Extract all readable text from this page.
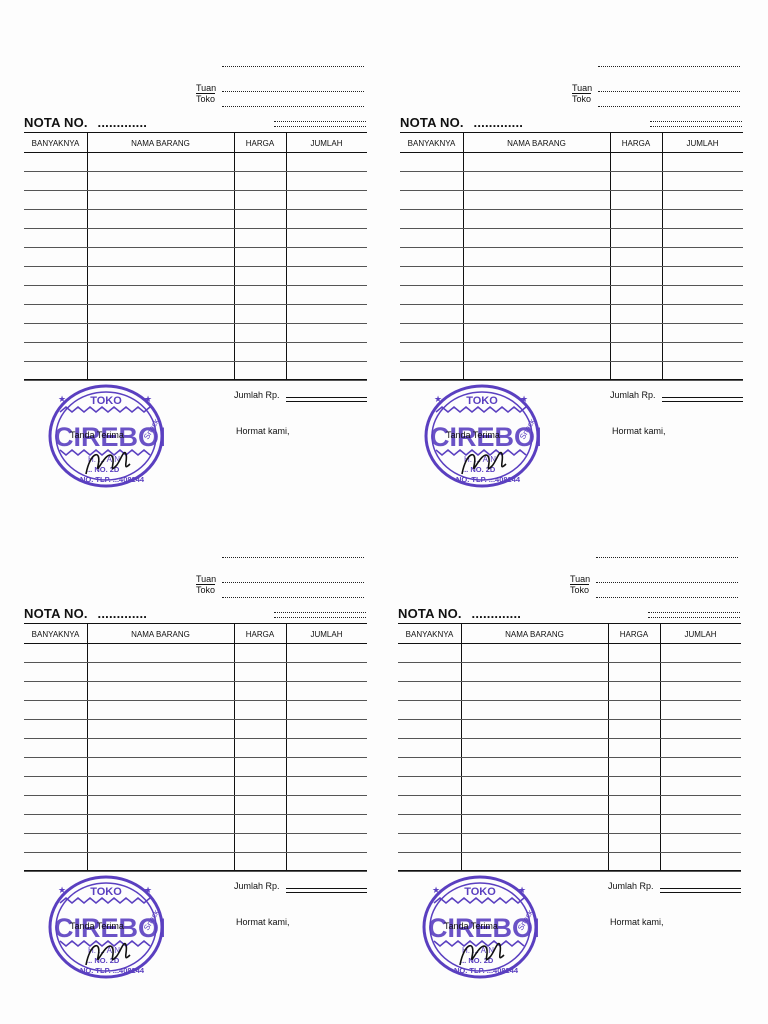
Tuan
Toko
NOTA NO. .............
BANYAKNYA	NAMA BARANG	HARGA	JUMLAH
Jumlah Rp.
Hormat kami,
TOKO
★	★
CIREBO
Snack
H. ... AIN
... NO. 2D
NO. TLP. ...408244
Tanda Terima
Tuan
Toko
NOTA NO. .............
BANYAKNYA	NAMA BARANG	HARGA	JUMLAH
Jumlah Rp.
Hormat kami,
TOKO
★	★
CIREBO
Snack
H. ... AIN
... NO. 2D
NO. TLP. ...408244
Tanda Terima
Tuan
Toko
NOTA NO. .............
BANYAKNYA	NAMA BARANG	HARGA	JUMLAH
Jumlah Rp.
Hormat kami,
TOKO
★	★
CIREBO
Snack
H. ... AIN
... NO. 2D
NO. TLP. ...408244
Tanda Terima
Tuan
Toko
NOTA NO. .............
BANYAKNYA	NAMA BARANG	HARGA	JUMLAH
Jumlah Rp.
Hormat kami,
TOKO
★	★
CIREBO
Snack
H. ... AIN
... NO. 2D
NO. TLP. ...408244
Tanda Terima
